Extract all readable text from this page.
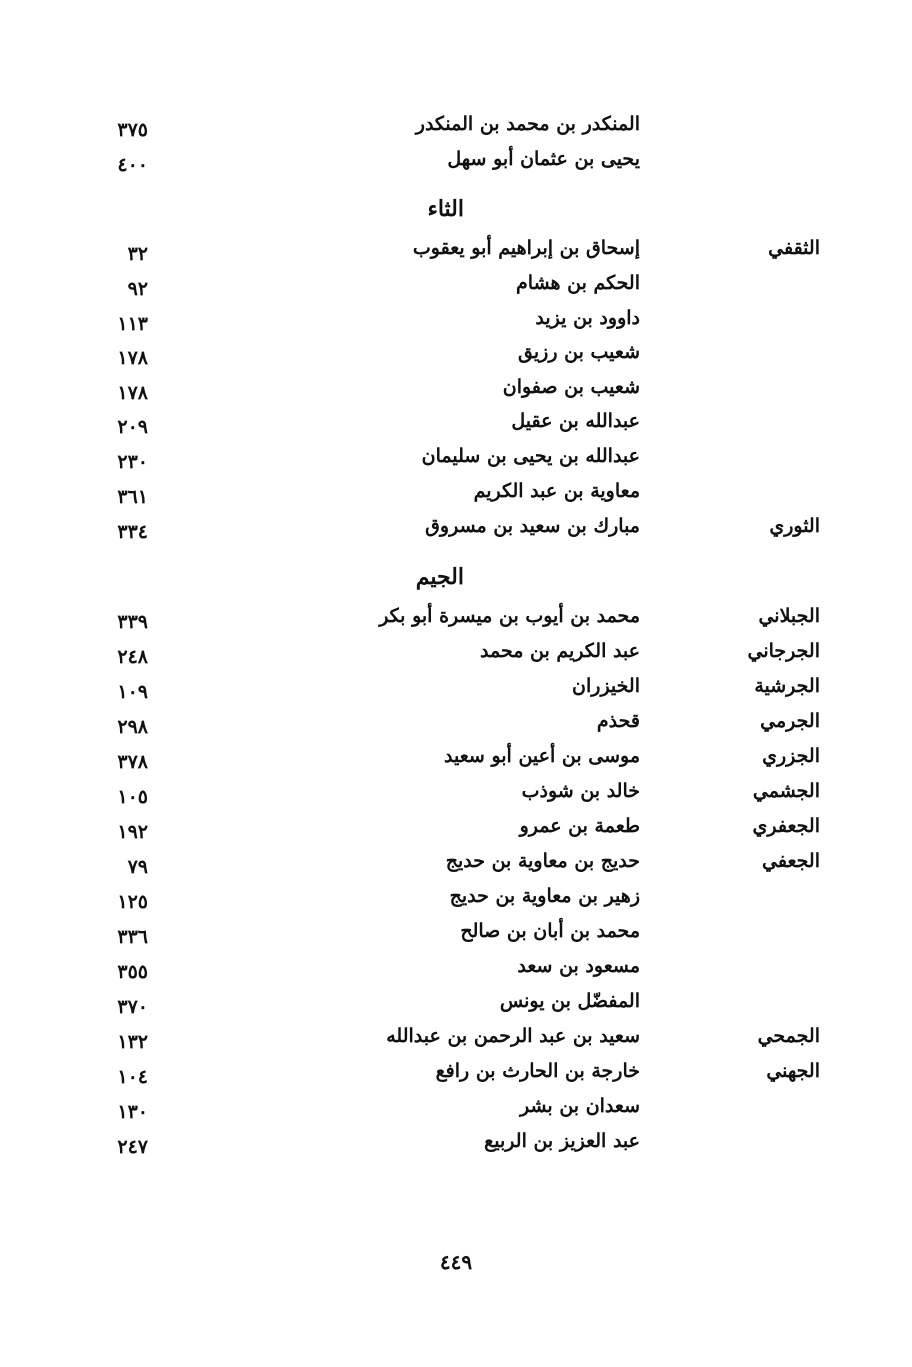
المنكدر بن محمد بن المنكدر
٣٧٥
يحيى بن عثمان أبو سهل
٤٠٠
الثاء
الثقفي
إسحاق بن إبراهيم أبو يعقوب
٣٢
الحكم بن هشام
٩٢
داوود بن يزيد
١١٣
شعيب بن رزيق
١٧٨
شعيب بن صفوان
١٧٨
عبدالله بن عقيل
٢٠٩
عبدالله بن يحيى بن سليمان
٢٣٠
معاوية بن عبد الكريم
٣٦١
الثوري
مبارك بن سعيد بن مسروق
٣٣٤
الجيم
الجبلاني
محمد بن أيوب بن ميسرة أبو بكر
٣٣٩
الجرجاني
عبد الكريم بن محمد
٢٤٨
الجرشية
الخيزران
١٠٩
الجرمي
قحذم
٢٩٨
الجزري
موسى بن أعين أبو سعيد
٣٧٨
الجشمي
خالد بن شوذب
١٠٥
الجعفري
طعمة بن عمرو
١٩٢
الجعفي
حديج بن معاوية بن حديج
٧٩
زهير بن معاوية بن حديج
١٢٥
محمد بن أبان بن صالح
٣٣٦
مسعود بن سعد
٣٥٥
المفضّل بن يونس
٣٧٠
الجمحي
سعيد بن عبد الرحمن بن عبدالله
١٣٢
الجهني
خارجة بن الحارث بن رافع
١٠٤
سعدان بن بشر
١٣٠
عبد العزيز بن الربيع
٢٤٧
٤٤٩
